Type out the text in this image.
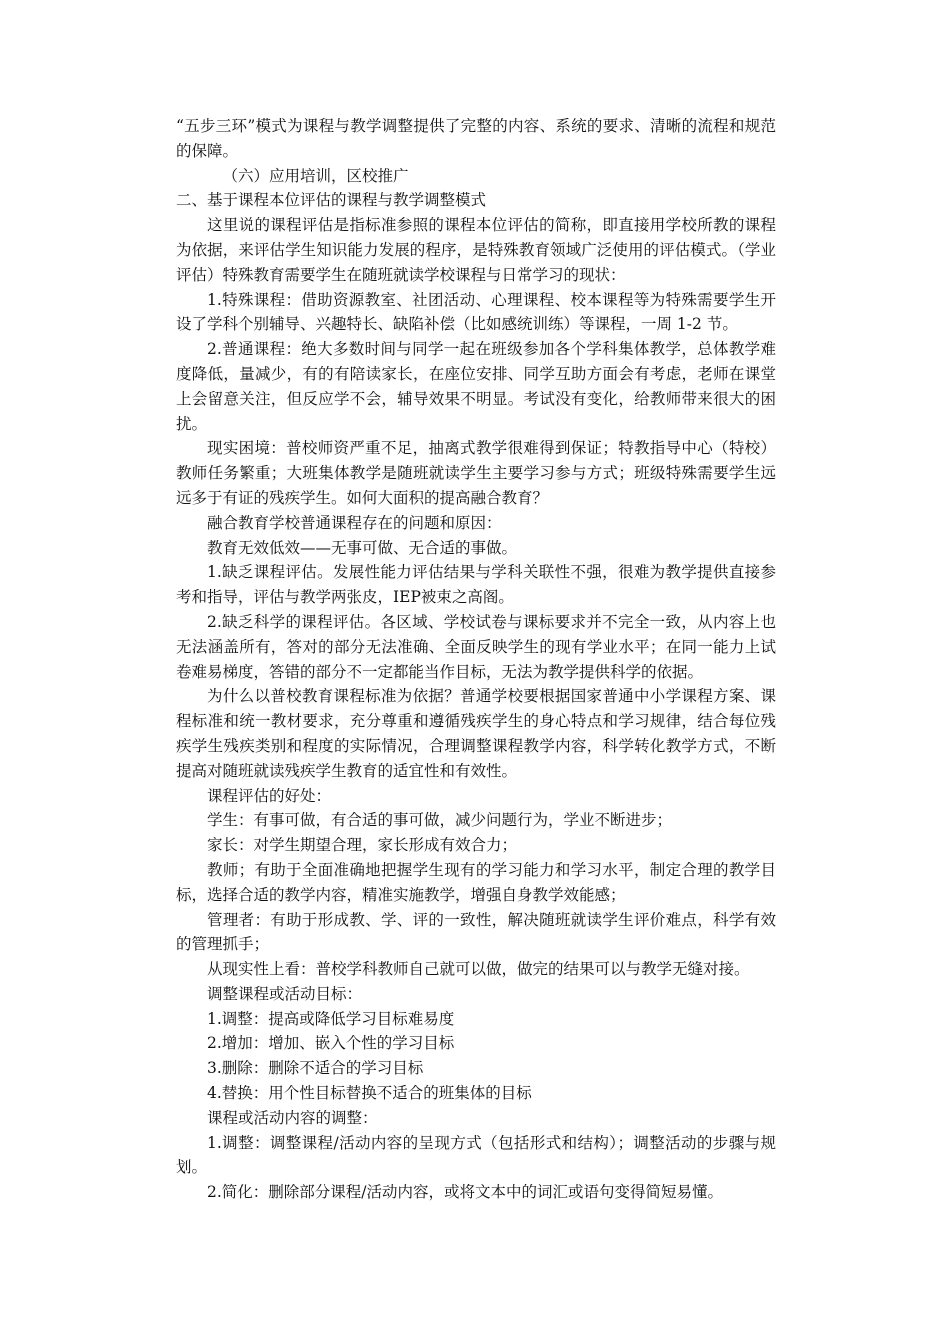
“五步三环”模式为课程与教学调整提供了完整的内容、系统的要求、清晰的流程和规范的保障。

（六）应用培训，区校推广

二、基于课程本位评估的课程与教学调整模式

这里说的课程评估是指标准参照的课程本位评估的简称，即直接用学校所教的课程为依据，来评估学生知识能力发展的程序，是特殊教育领域广泛使用的评估模式。（学业评估）特殊教育需要学生在随班就读学校课程与日常学习的现状：

1.特殊课程：借助资源教室、社团活动、心理课程、校本课程等为特殊需要学生开设了学科个别辅导、兴趣特长、缺陷补偿（比如感统训练）等课程，一周 1-2 节。

2.普通课程：绝大多数时间与同学一起在班级参加各个学科集体教学，总体教学难度降低，量减少，有的有陪读家长，在座位安排、同学互助方面会有考虑，老师在课堂上会留意关注，但反应学不会，辅导效果不明显。考试没有变化，给教师带来很大的困扰。

现实困境：普校师资严重不足，抽离式教学很难得到保证；特教指导中心（特校）教师任务繁重；大班集体教学是随班就读学生主要学习参与方式；班级特殊需要学生远远多于有证的残疾学生。如何大面积的提高融合教育？

融合教育学校普通课程存在的问题和原因：

教育无效低效——无事可做、无合适的事做。

1.缺乏课程评估。发展性能力评估结果与学科关联性不强，很难为教学提供直接参考和指导，评估与教学两张皮，IEP被束之高阁。

2.缺乏科学的课程评估。各区域、学校试卷与课标要求并不完全一致，从内容上也无法涵盖所有，答对的部分无法准确、全面反映学生的现有学业水平；在同一能力上试卷难易梯度，答错的部分不一定都能当作目标，无法为教学提供科学的依据。

为什么以普校教育课程标准为依据？普通学校要根据国家普通中小学课程方案、课程标准和统一教材要求，充分尊重和遵循残疾学生的身心特点和学习规律，结合每位残疾学生残疾类别和程度的实际情况，合理调整课程教学内容，科学转化教学方式，不断提高对随班就读残疾学生教育的适宜性和有效性。

课程评估的好处：

学生：有事可做，有合适的事可做，减少问题行为，学业不断进步；

家长：对学生期望合理，家长形成有效合力；

教师；有助于全面准确地把握学生现有的学习能力和学习水平，制定合理的教学目标，选择合适的教学内容，精准实施教学，增强自身教学效能感；

管理者：有助于形成教、学、评的一致性，解决随班就读学生评价难点，科学有效的管理抓手；

从现实性上看：普校学科教师自己就可以做，做完的结果可以与教学无缝对接。

调整课程或活动目标：

1.调整：提高或降低学习目标难易度

2.增加：增加、嵌入个性的学习目标

3.删除：删除不适合的学习目标

4.替换：用个性目标替换不适合的班集体的目标

课程或活动内容的调整：

1.调整：调整课程/活动内容的呈现方式（包括形式和结构）；调整活动的步骤与规划。

2.简化：删除部分课程/活动内容，或将文本中的词汇或语句变得简短易懂。
